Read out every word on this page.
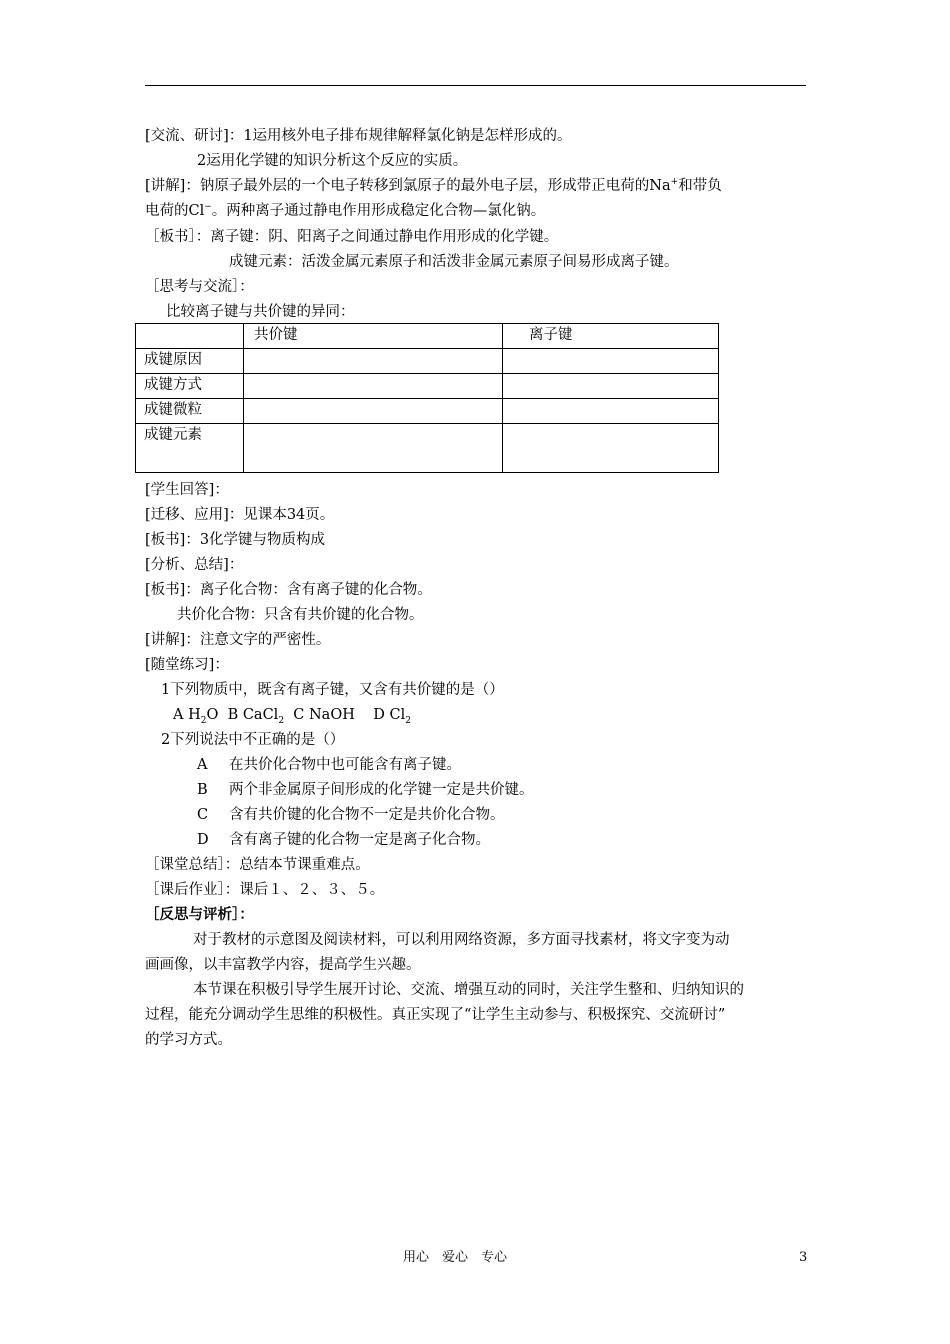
[交流、研讨]：1运用核外电子排布规律解释氯化钠是怎样形成的。
2运用化学键的知识分析这个反应的实质。
[讲解]：钠原子最外层的一个电子转移到氯原子的最外电子层，形成带正电荷的Na+和带负
电荷的Cl−。两种离子通过静电作用形成稳定化合物—氯化钠。
［板书］：离子键：阴、阳离子之间通过静电作用形成的化学键。
成键元素：活泼金属元素原子和活泼非金属元素原子间易形成离子键。
［思考与交流］：
比较离子键与共价键的异同：
	共价键	离子键
成键原因		
成键方式		
成键微粒		
成键元素		
[学生回答]：
[迁移、应用]：见课本34页。
[板书]：3化学键与物质构成
[分析、总结]：
[板书]：离子化合物：含有离子键的化合物。
共价化合物：只含有共价键的化合物。
[讲解]：注意文字的严密性。
[随堂练习]：
1下列物质中，既含有离子键，又含有共价键的是（）
A $H_2O$ B CaCl$_2$ C NaOH D $Cl_2$
2下列说法中不正确的是（）
A 在共价化合物中也可能含有离子键。
B 两个非金属原子间形成的化学键一定是共价键。
C 含有共价键的化合物不一定是共价化合物。
D 含有离子键的化合物一定是离子化合物。
［课堂总结］：总结本节课重难点。
［课后作业］：课后１、２、３、５。
［反思与评析］：
对于教材的示意图及阅读材料，可以利用网络资源，多方面寻找素材，将文字变为动
画画像，以丰富教学内容，提高学生兴趣。
本节课在积极引导学生展开讨论、交流、增强互动的同时，关注学生整和、归纳知识的
过程，能充分调动学生思维的积极性。真正实现了“让学生主动参与、积极探究、交流研讨”
的学习方式。
用心　爱心　专心	3
